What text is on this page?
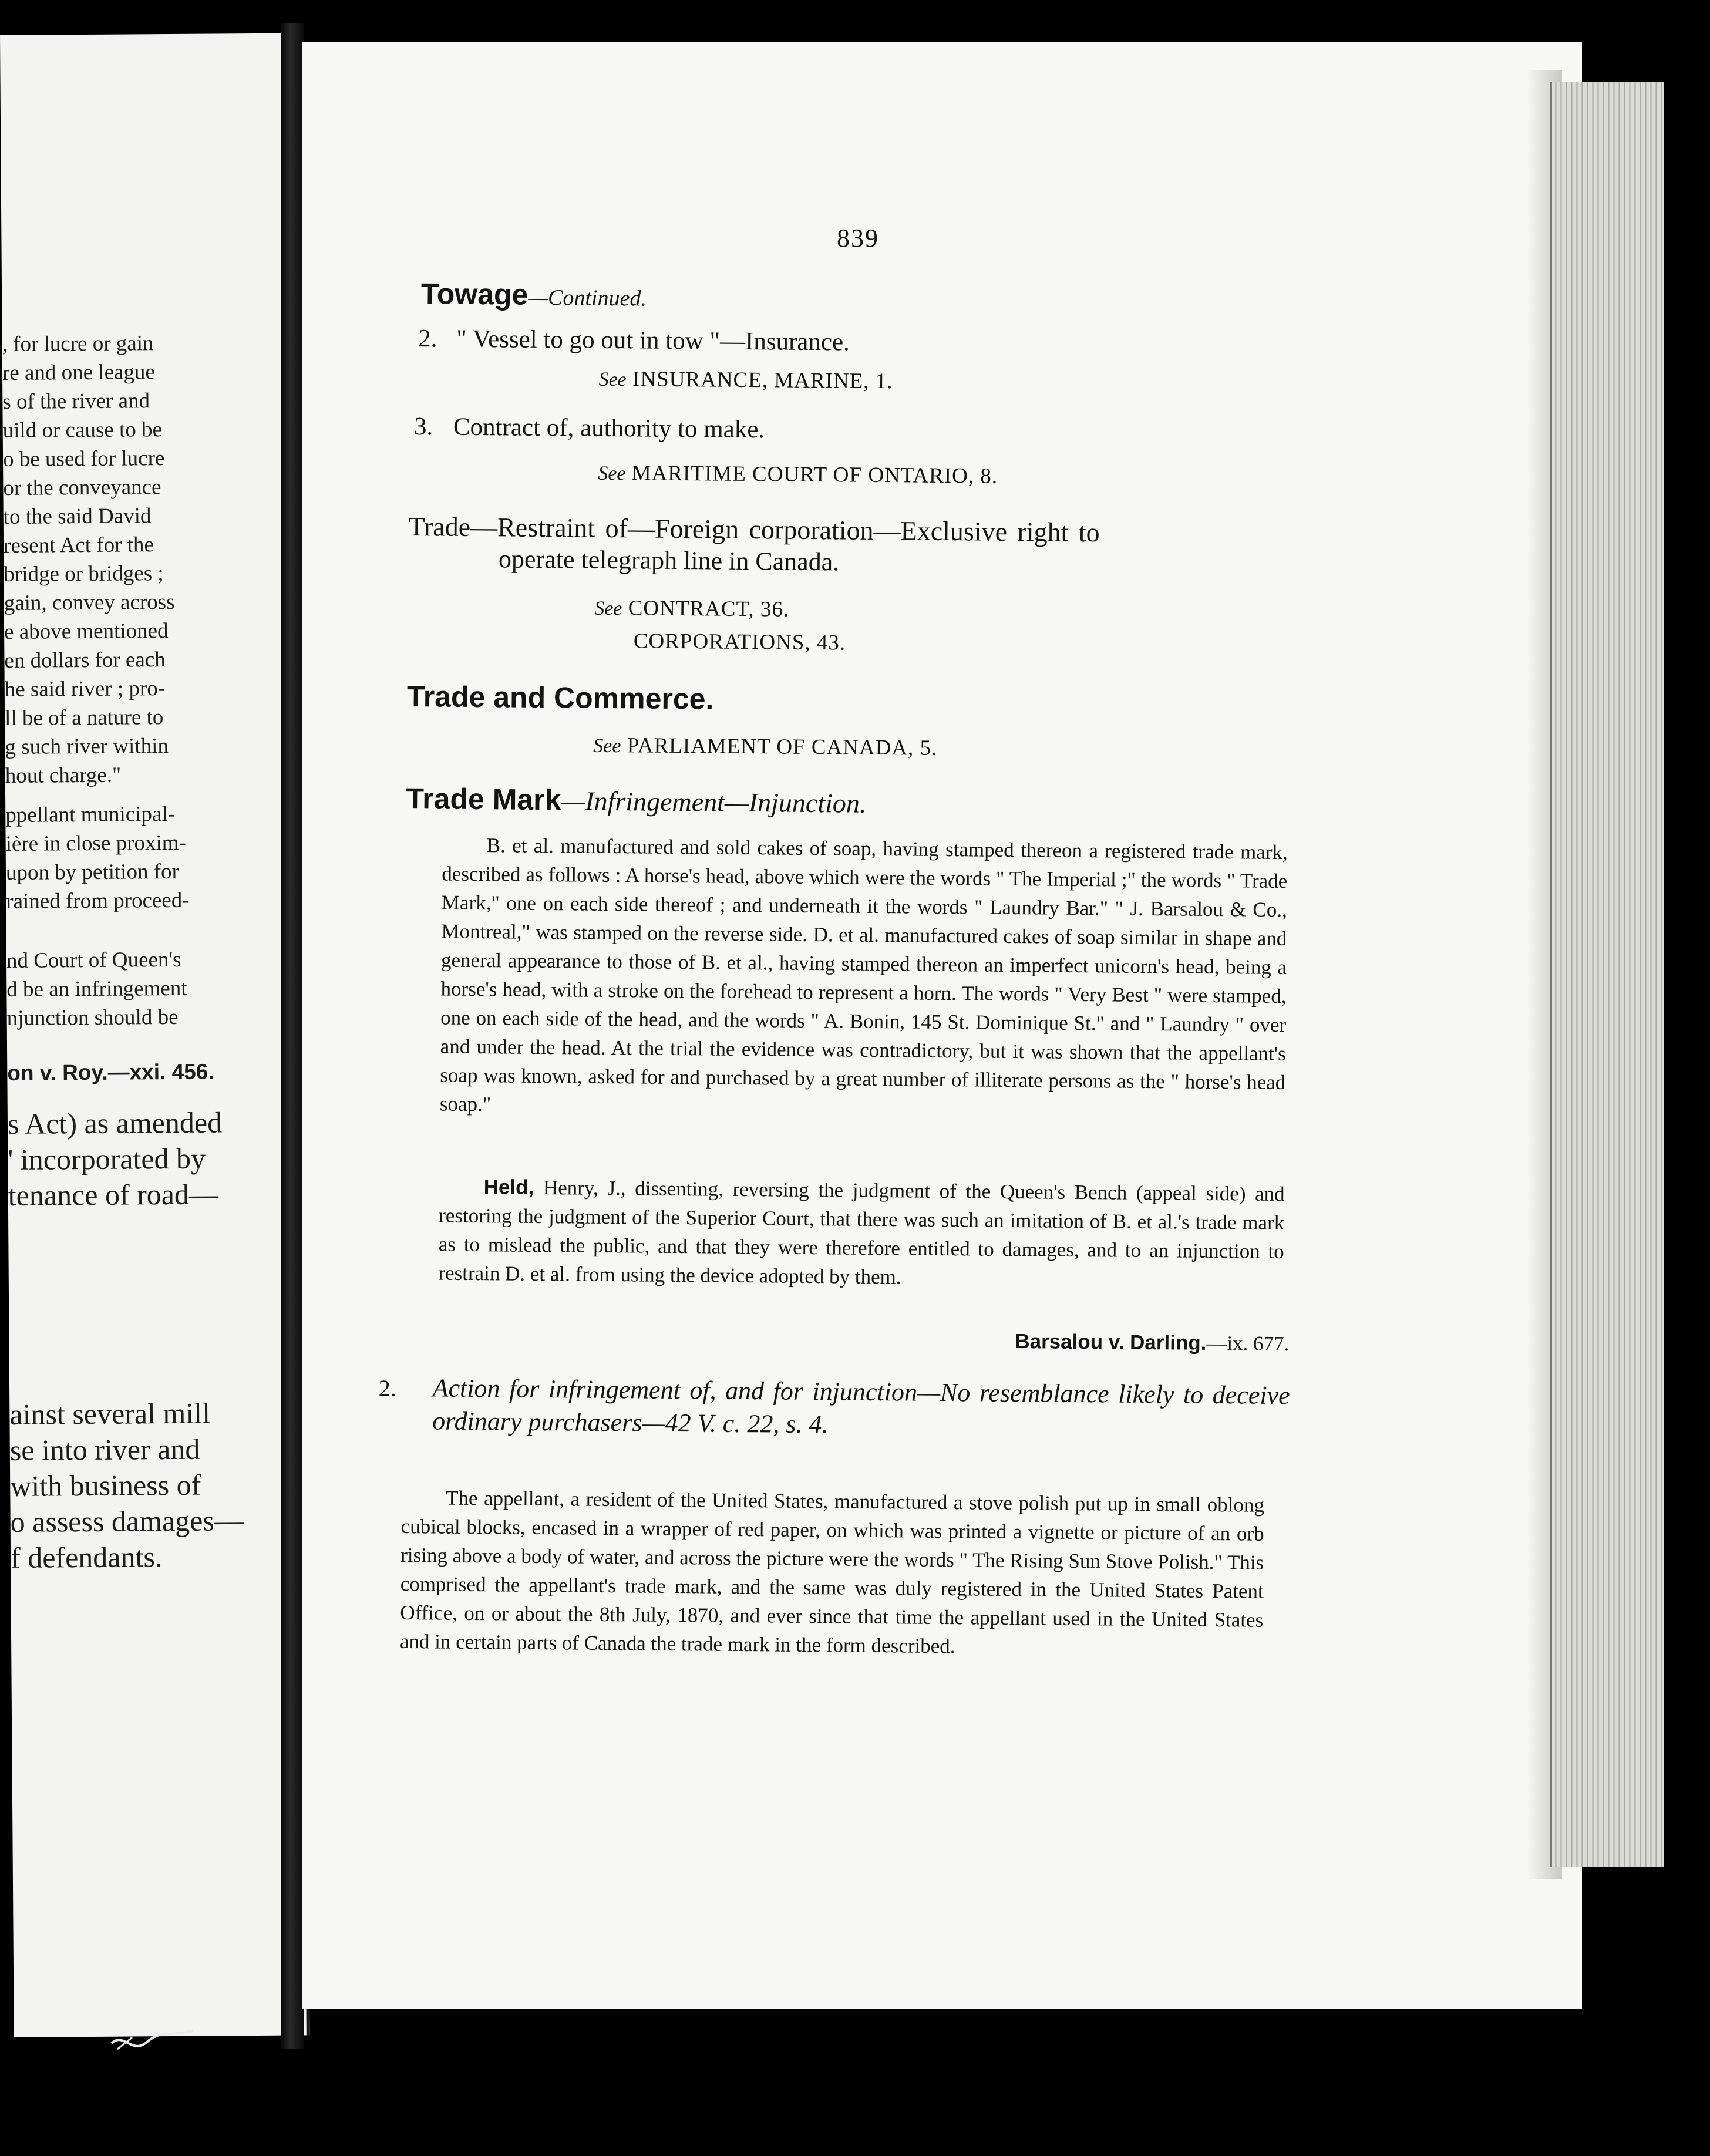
, for lucre or gain
re and one league
s of the river and
uild or cause to be
o be used for lucre
or the conveyance
to the said David
resent Act for the
bridge or bridges ;
gain, convey across
e above mentioned
en dollars for each
he said river ; pro-
ll be of a nature to
g such river within
hout charge."
ppellant municipal-
ière in close proxim-
upon by petition for
rained from proceed-
nd Court of Queen's
d be an infringement
njunction should be
on v. Roy.—xxi. 456.
s Act) as amended
' incorporated by
tenance of road—
ainst several mill
se into river and
with business of
o assess damages—
f defendants.
839
Towage—Continued.
2. " Vessel to go out in tow "—Insurance.
See INSURANCE, MARINE, 1.
3. Contract of, authority to make.
See MARITIME COURT OF ONTARIO, 8.
Trade—Restraint of—Foreign corporation—Exclusive right to
operate telegraph line in Canada.
See CONTRACT, 36.
CORPORATIONS, 43.
Trade and Commerce.
See PARLIAMENT OF CANADA, 5.
Trade Mark—Infringement—Injunction.
B. et al. manufactured and sold cakes of soap, having stamped thereon a registered trade mark, described as follows : A horse's head, above which were the words " The Imperial ;" the words " Trade Mark," one on each side thereof ; and underneath it the words " Laundry Bar." " J. Barsalou & Co., Montreal," was stamped on the reverse side. D. et al. manufactured cakes of soap similar in shape and general appearance to those of B. et al., having stamped thereon an imperfect unicorn's head, being a horse's head, with a stroke on the forehead to represent a horn. The words " Very Best " were stamped, one on each side of the head, and the words " A. Bonin, 145 St. Dominique St." and " Laundry " over and under the head. At the trial the evidence was contradictory, but it was shown that the appellant's soap was known, asked for and purchased by a great number of illiterate persons as the " horse's head soap."
Held, Henry, J., dissenting, reversing the judgment of the Queen's Bench (appeal side) and restoring the judgment of the Superior Court, that there was such an imitation of B. et al.'s trade mark as to mislead the public, and that they were therefore entitled to damages, and to an injunction to restrain D. et al. from using the device adopted by them.
Barsalou v. Darling.—ix. 677.
2. Action for infringement of, and for injunction—No resemblance likely to deceive ordinary purchasers—42 V. c. 22, s. 4.
The appellant, a resident of the United States, manufactured a stove polish put up in small oblong cubical blocks, encased in a wrapper of red paper, on which was printed a vignette or picture of an orb rising above a body of water, and across the picture were the words " The Rising Sun Stove Polish." This comprised the appellant's trade mark, and the same was duly registered in the United States Patent Office, on or about the 8th July, 1870, and ever since that time the appellant used in the United States and in certain parts of Canada the trade mark in the form described.
